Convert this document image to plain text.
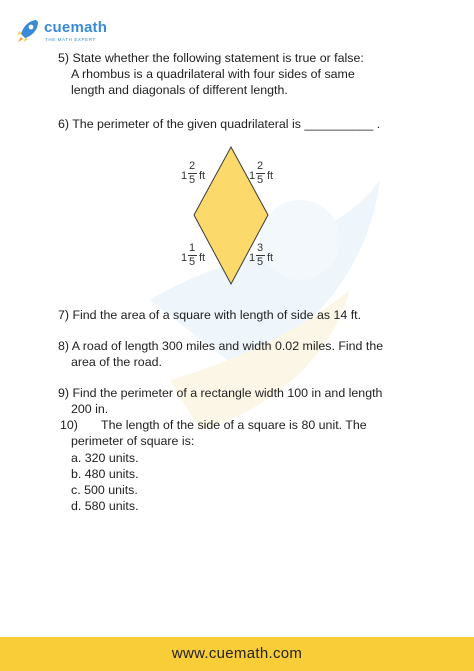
cuemath
THE MATH EXPERT
5) State whether the following statement is true or false:
A rhombus is a quadrilateral with four sides of same
length and diagonals of different length.
6) The perimeter of the given quadrilateral is __________ .
1
2
5 ft	1
2
5 ft
1
1
5 ft	1
3
5 ft
7) Find the area of a square with length of side as 14 ft.
8) A road of length 300 miles and width 0.02 miles. Find the
area of the road.
9) Find the perimeter of a rectangle width 100 in and length
200 in.
10) The length of the side of a square is 80 unit. The
perimeter of square is:
a. 320 units.
b. 480 units.
c. 500 units.
d. 580 units.
www.cuemath.com
